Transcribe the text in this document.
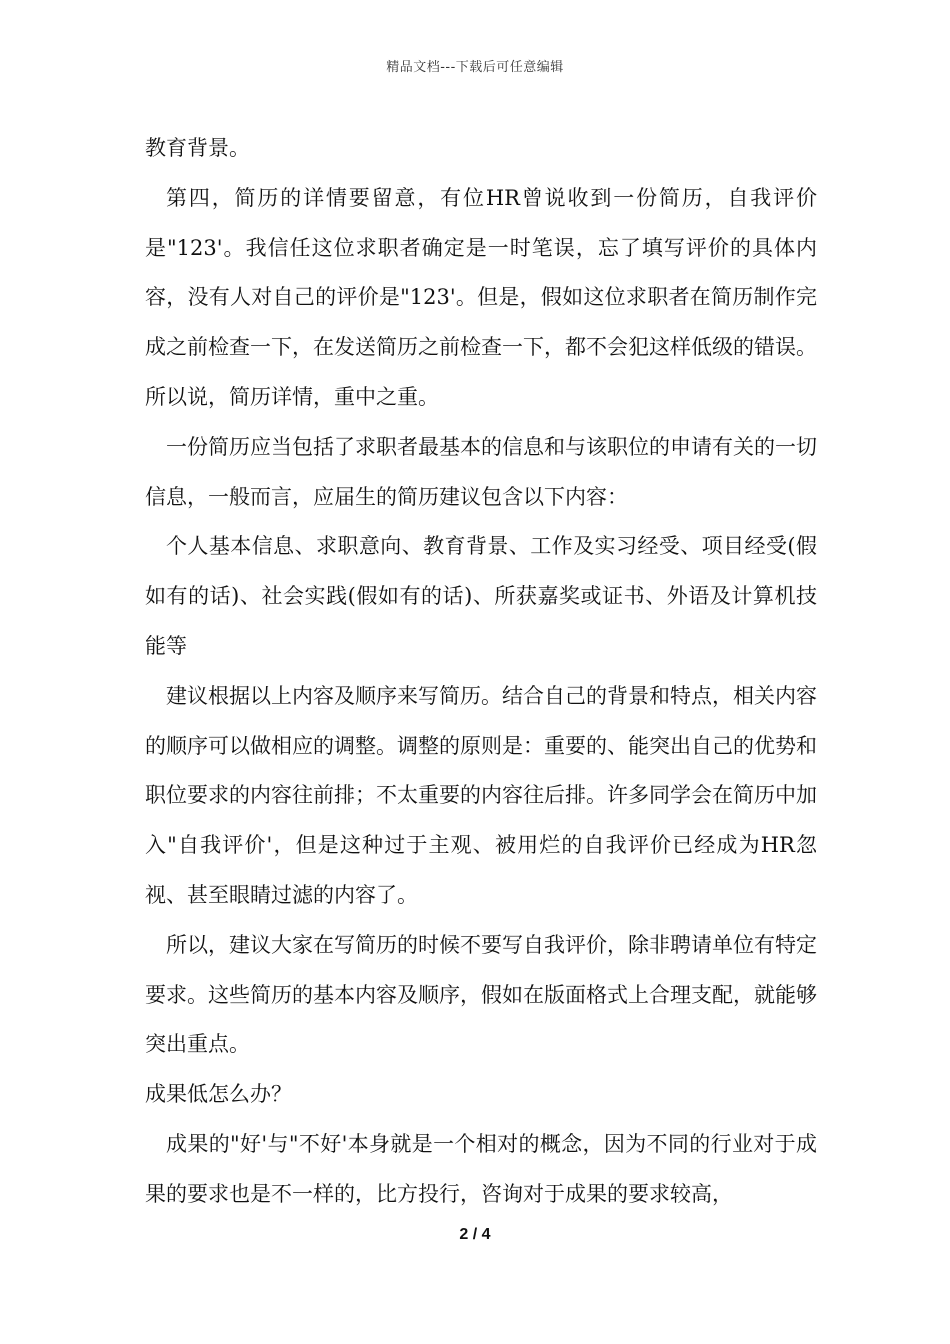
精品文档---下载后可任意编辑

教育背景。

第四，简历的详情要留意，有位HR曾说收到一份简历，自我评价是"123'。我信任这位求职者确定是一时笔误，忘了填写评价的具体内容，没有人对自己的评价是"123'。但是，假如这位求职者在简历制作完成之前检查一下，在发送简历之前检查一下，都不会犯这样低级的错误。所以说，简历详情，重中之重。

一份简历应当包括了求职者最基本的信息和与该职位的申请有关的一切信息，一般而言，应届生的简历建议包含以下内容：

个人基本信息、求职意向、教育背景、工作及实习经受、项目经受(假如有的话)、社会实践(假如有的话)、所获嘉奖或证书、外语及计算机技能等

建议根据以上内容及顺序来写简历。结合自己的背景和特点，相关内容的顺序可以做相应的调整。调整的原则是：重要的、能突出自己的优势和职位要求的内容往前排；不太重要的内容往后排。许多同学会在简历中加入"自我评价'，但是这种过于主观、被用烂的自我评价已经成为HR忽视、甚至眼睛过滤的内容了。

所以，建议大家在写简历的时候不要写自我评价，除非聘请单位有特定要求。这些简历的基本内容及顺序，假如在版面格式上合理支配，就能够突出重点。

成果低怎么办？

成果的"好'与"不好'本身就是一个相对的概念，因为不同的行业对于成果的要求也是不一样的，比方投行，咨询对于成果的要求较高，

2 / 4
